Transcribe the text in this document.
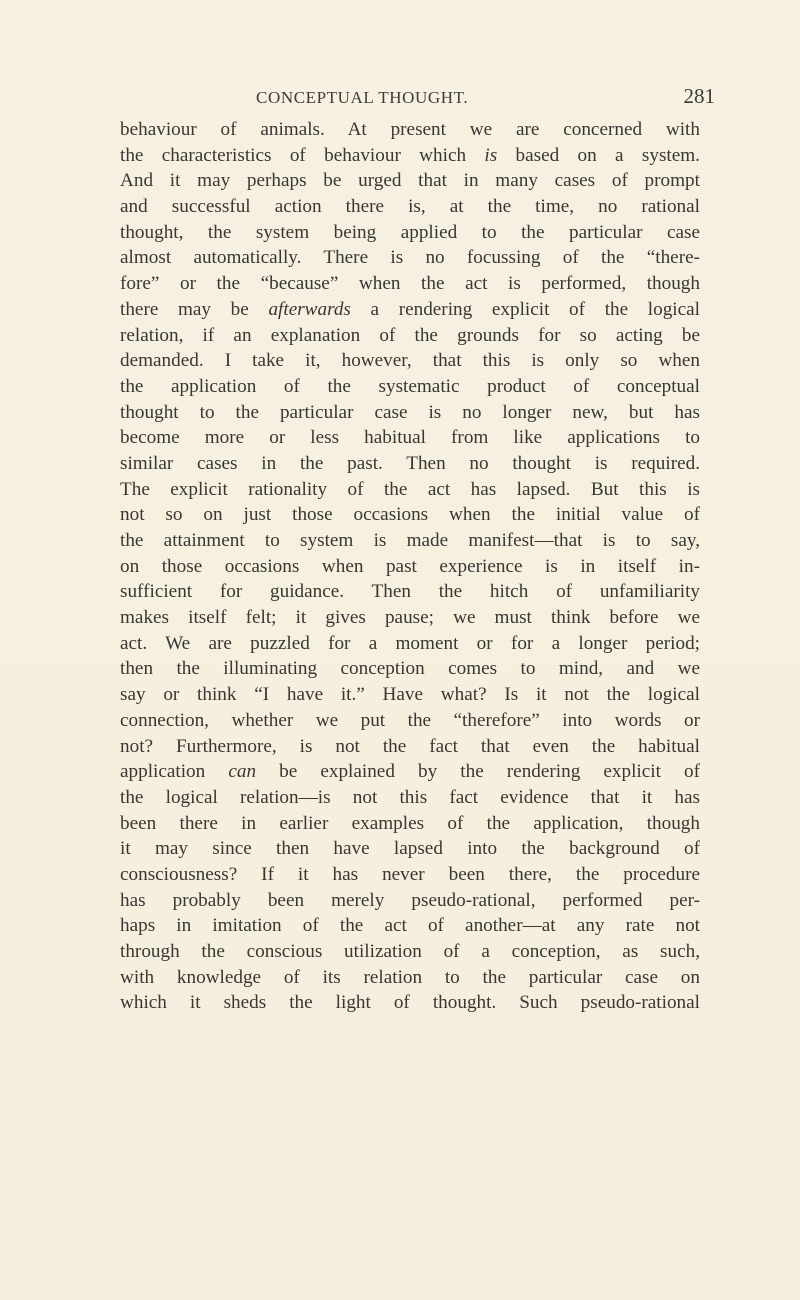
CONCEPTUAL THOUGHT.	281
behaviour of animals. At present we are concerned with
the characteristics of behaviour which is based on a system.
And it may perhaps be urged that in many cases of prompt
and successful action there is, at the time, no rational
thought, the system being applied to the particular case
almost automatically. There is no focussing of the “there-
fore” or the “because” when the act is performed, though
there may be afterwards a rendering explicit of the logical
relation, if an explanation of the grounds for so acting be
demanded. I take it, however, that this is only so when
the application of the systematic product of conceptual
thought to the particular case is no longer new, but has
become more or less habitual from like applications to
similar cases in the past. Then no thought is required.
The explicit rationality of the act has lapsed. But this is
not so on just those occasions when the initial value of
the attainment to system is made manifest—that is to say,
on those occasions when past experience is in itself in-
sufficient for guidance. Then the hitch of unfamiliarity
makes itself felt; it gives pause; we must think before we
act. We are puzzled for a moment or for a longer period;
then the illuminating conception comes to mind, and we
say or think “I have it.” Have what? Is it not the logical
connection, whether we put the “therefore” into words or
not? Furthermore, is not the fact that even the habitual
application can be explained by the rendering explicit of
the logical relation—is not this fact evidence that it has
been there in earlier examples of the application, though
it may since then have lapsed into the background of
consciousness? If it has never been there, the procedure
has probably been merely pseudo-rational, performed per-
haps in imitation of the act of another—at any rate not
through the conscious utilization of a conception, as such,
with knowledge of its relation to the particular case on
which it sheds the light of thought. Such pseudo-rational
